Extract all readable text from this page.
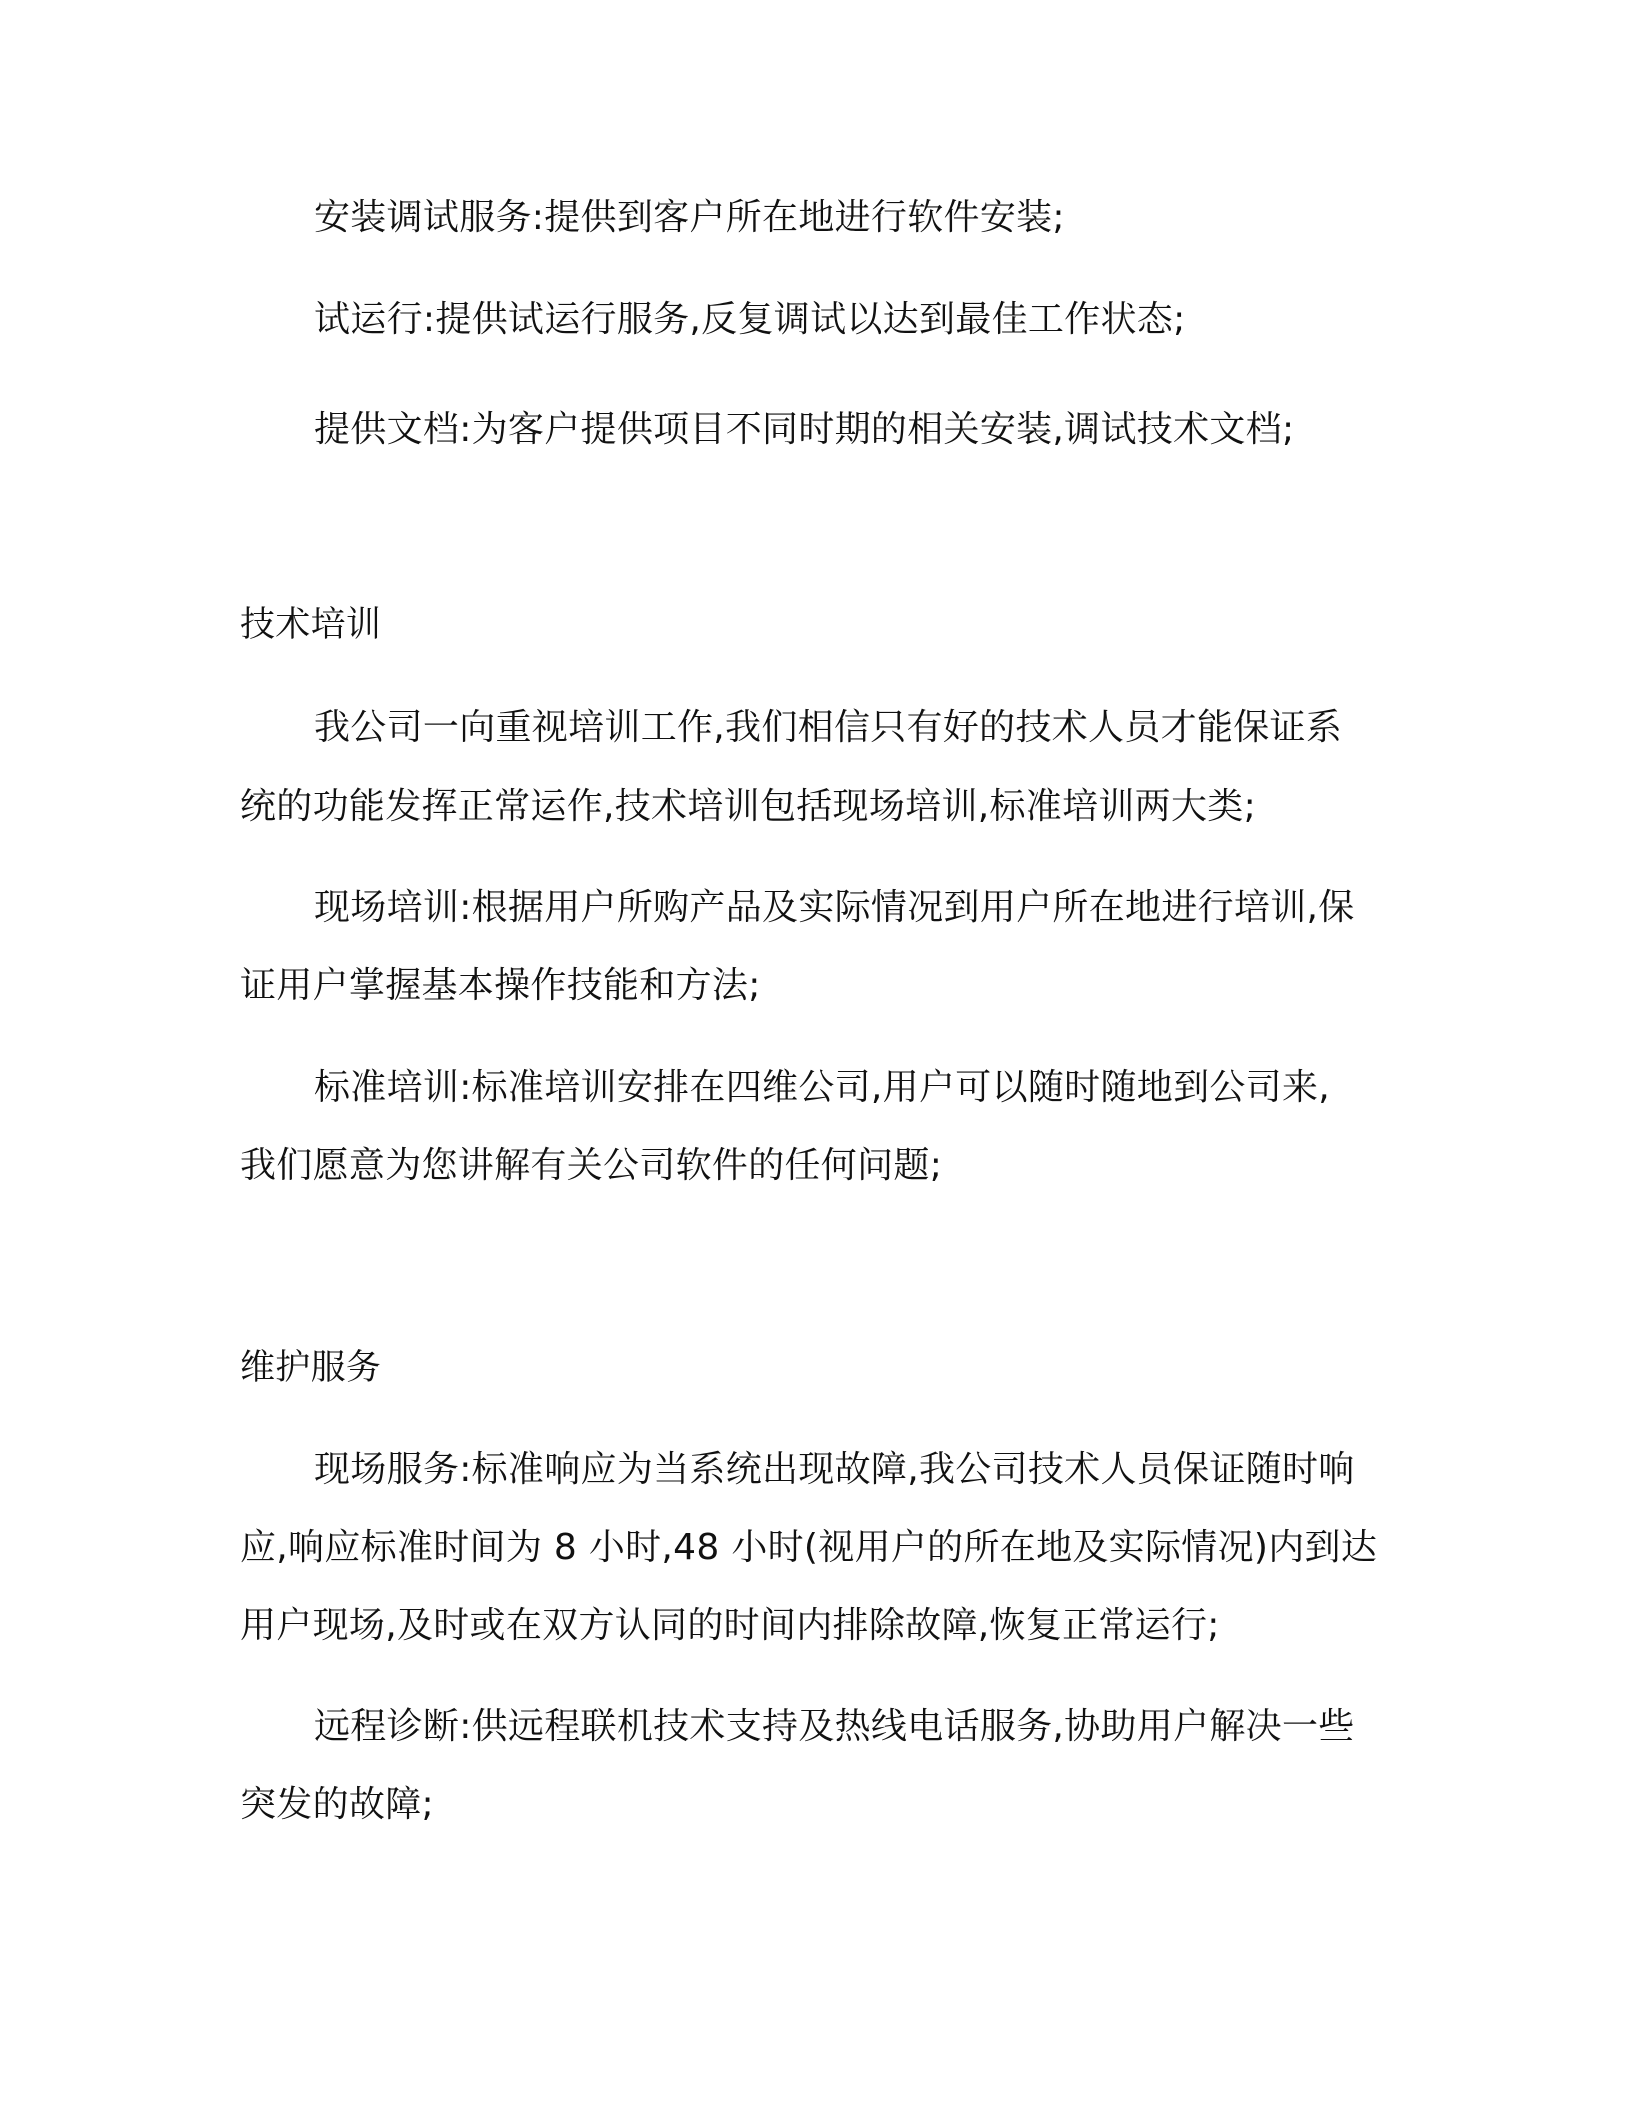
安装调试服务:提供到客户所在地进行软件安装;

试运行:提供试运行服务,反复调试以达到最佳工作状态;

提供文档:为客户提供项目不同时期的相关安装,调试技术文档;

技术培训

我公司一向重视培训工作,我们相信只有好的技术人员才能保证系

统的功能发挥正常运作,技术培训包括现场培训,标准培训两大类;

现场培训:根据用户所购产品及实际情况到用户所在地进行培训,保

证用户掌握基本操作技能和方法;

标准培训:标准培训安排在四维公司,用户可以随时随地到公司来,

我们愿意为您讲解有关公司软件的任何问题;

维护服务

现场服务:标准响应为当系统出现故障,我公司技术人员保证随时响

应,响应标准时间为 8 小时,48 小时(视用户的所在地及实际情况)内到达

用户现场,及时或在双方认同的时间内排除故障,恢复正常运行;

远程诊断:供远程联机技术支持及热线电话服务,协助用户解决一些

突发的故障;
